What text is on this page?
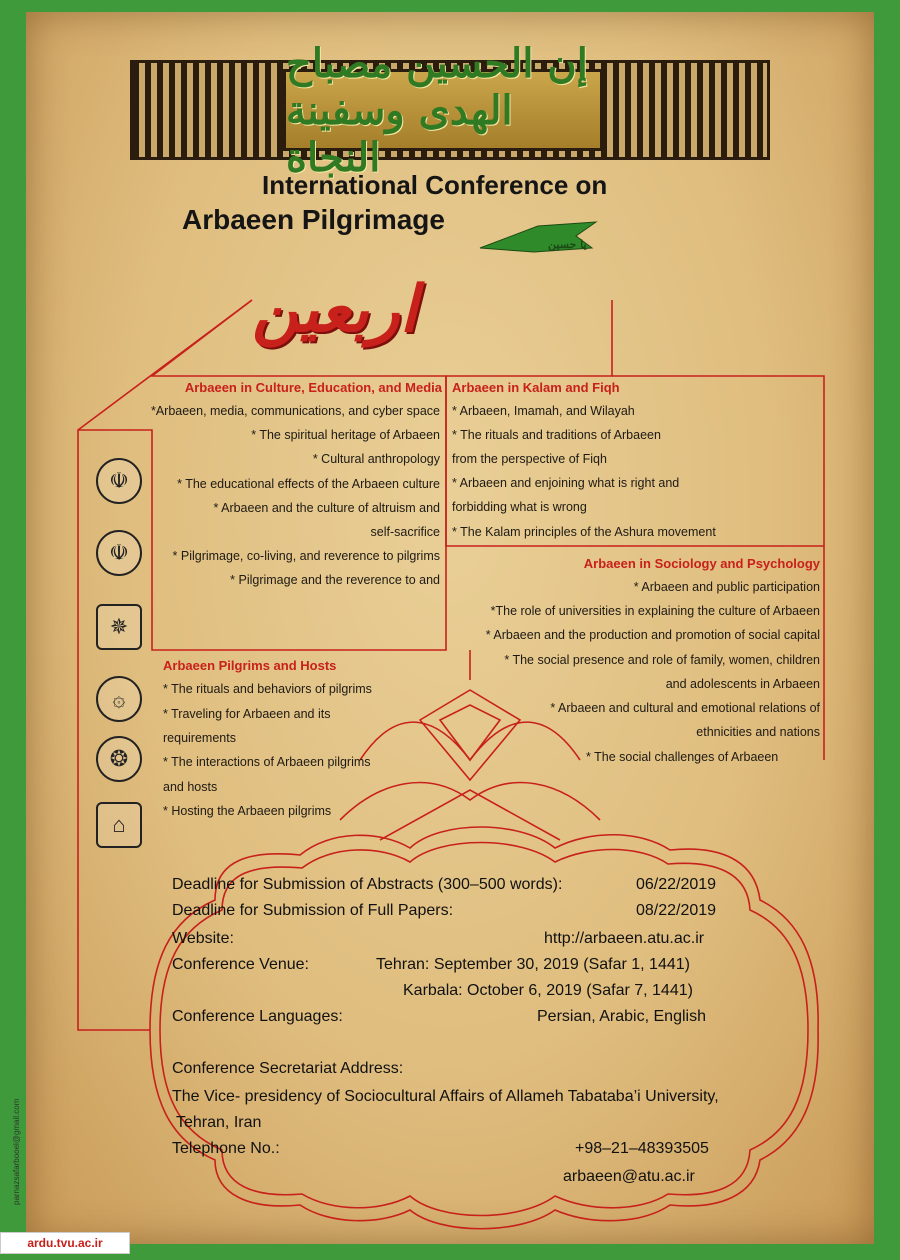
إن الحسين مصباح الهدى وسفينة النجاة
International Conference on
Arbaeen Pilgrimage
یا حسین
اربعین
Arbaeen in Culture, Education, and Media
*Arbaeen, media, communications, and cyber space
* The spiritual heritage of Arbaeen
* Cultural anthropology
* The educational effects of the Arbaeen culture
* Arbaeen and the culture of altruism and
self-sacrifice
* Pilgrimage, co-living, and reverence to pilgrims
* Pilgrimage and the reverence to and
Arbaeen in Kalam and Fiqh
* Arbaeen, Imamah, and Wilayah
* The rituals and traditions of Arbaeen
from the perspective of Fiqh
* Arbaeen and enjoining what is right and
forbidding what is wrong
* The Kalam principles of the Ashura movement
Arbaeen in Sociology and Psychology
* Arbaeen and public participation
*The role of universities in explaining the culture of Arbaeen
* Arbaeen and the production and promotion of social capital
* The social presence and role of family, women, children
and adolescents in Arbaeen
* Arbaeen and cultural and emotional relations of
ethnicities and nations
* The social challenges of Arbaeen
Arbaeen Pilgrims and Hosts
* The rituals and behaviors of pilgrims
* Traveling for Arbaeen and its
requirements
* The interactions of Arbaeen pilgrims
and hosts
* Hosting the Arbaeen pilgrims
☫
☫
✵
۞
❂
⌂
Deadline for Submission of Abstracts (300–500 words):	06/22/2019
Deadline for Submission of Full Papers:	08/22/2019
Website:	http://arbaeen.atu.ac.ir
Conference Venue:	Tehran: September 30, 2019 (Safar 1, 1441)
Karbala: October 6, 2019 (Safar 7, 1441)
Conference Languages:	Persian, Arabic, English
Conference Secretariat Address:
The Vice- presidency of Sociocultural Affairs of Allameh Tabataba’i University,
Tehran, Iran
Telephone No.:	+98–21–48393505
arbaeen@atu.ac.ir
parnazsafarbooel@gmail.com
ardu.tvu.ac.ir
